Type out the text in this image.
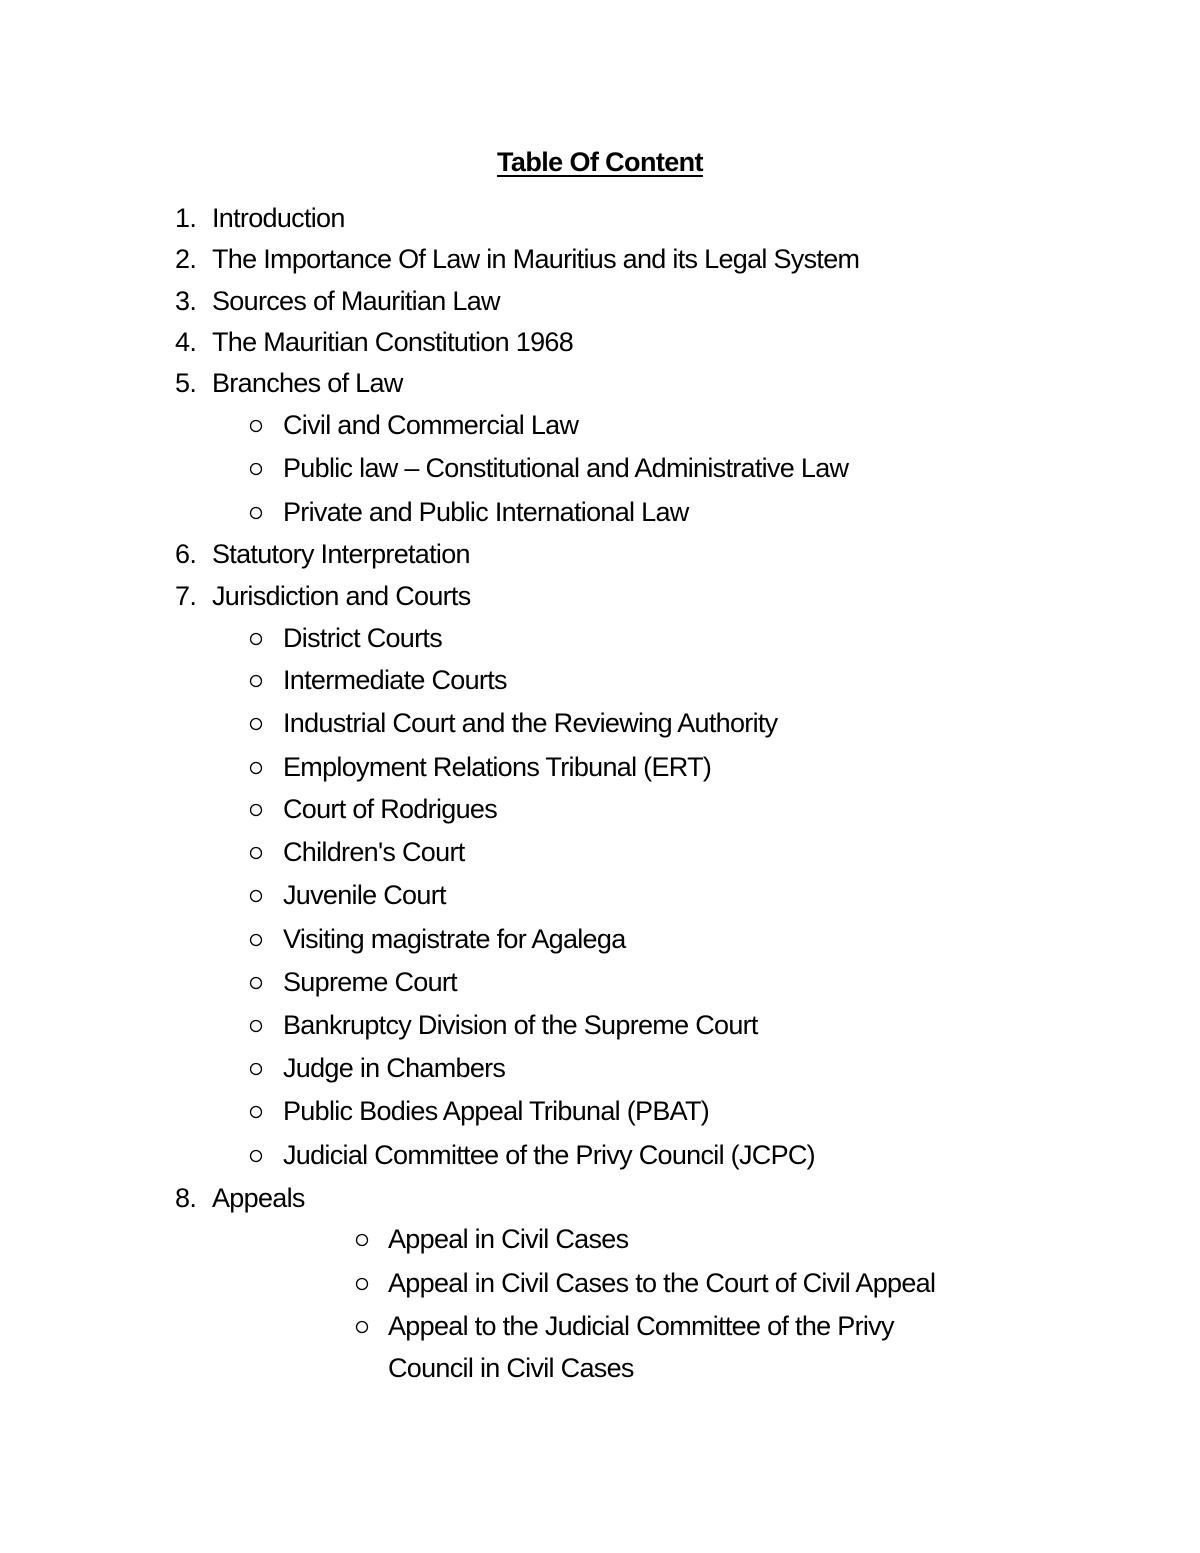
Table Of Content
1. Introduction
2. The Importance Of Law in Mauritius and its Legal System
3. Sources of Mauritian Law
4. The Mauritian Constitution 1968
5. Branches of Law
Civil and Commercial Law
Public law – Constitutional and Administrative Law
Private and Public International Law
6. Statutory Interpretation
7. Jurisdiction and Courts
District Courts
Intermediate Courts
Industrial Court and the Reviewing Authority
Employment Relations Tribunal (ERT)
Court of Rodrigues
Children's Court
Juvenile Court
Visiting magistrate for Agalega
Supreme Court
Bankruptcy Division of the Supreme Court
Judge in Chambers
Public Bodies Appeal Tribunal (PBAT)
Judicial Committee of the Privy Council (JCPC)
8. Appeals
Appeal in Civil Cases
Appeal in Civil Cases to the Court of Civil Appeal
Appeal to the Judicial Committee of the Privy
Council in Civil Cases
